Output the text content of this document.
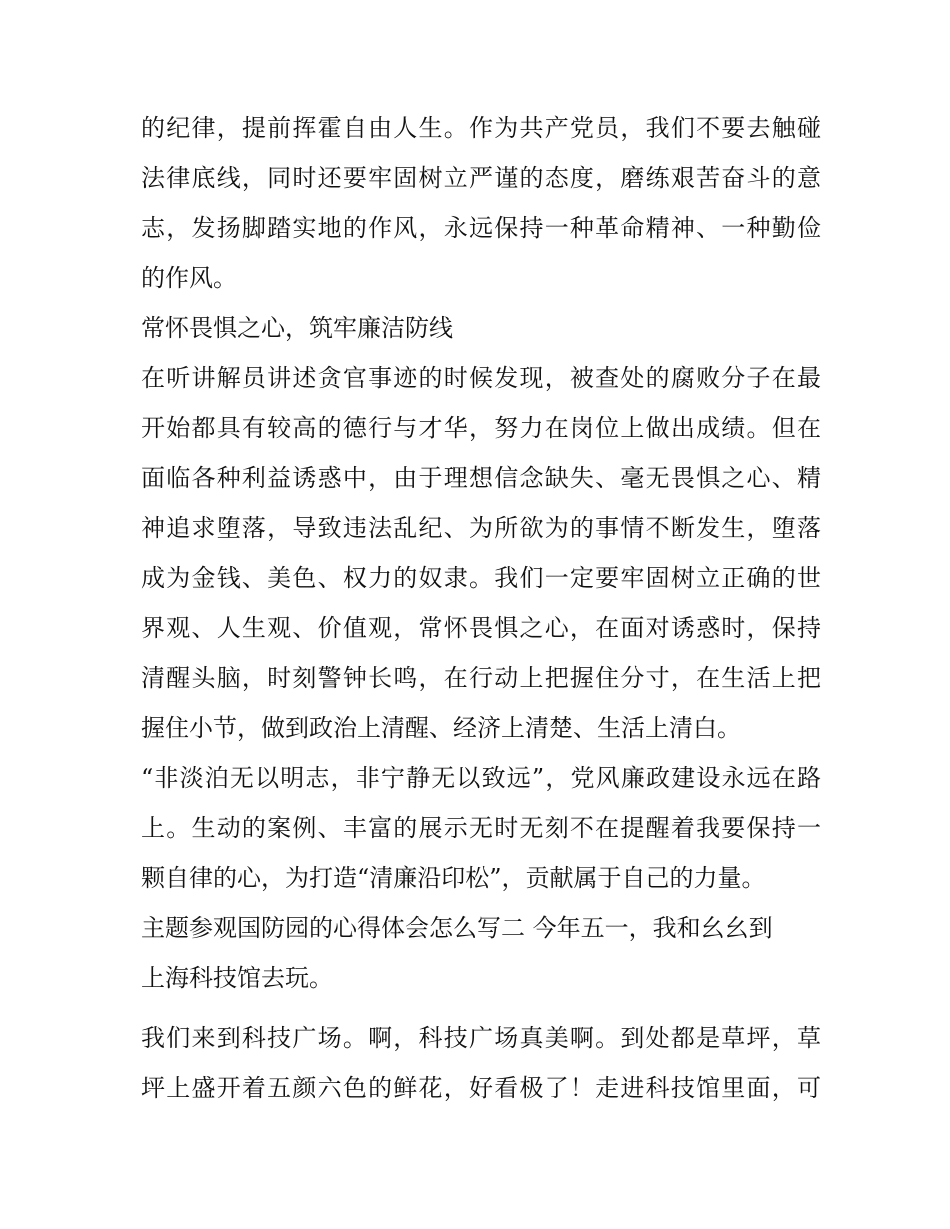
的纪律，提前挥霍自由人生。作为共产党员，我们不要去触碰
法律底线，同时还要牢固树立严谨的态度，磨练艰苦奋斗的意
志，发扬脚踏实地的作风，永远保持一种革命精神、一种勤俭
的作风。
常怀畏惧之心，筑牢廉洁防线
在听讲解员讲述贪官事迹的时候发现，被查处的腐败分子在最
开始都具有较高的德行与才华，努力在岗位上做出成绩。但在
面临各种利益诱惑中，由于理想信念缺失、毫无畏惧之心、精
神追求堕落，导致违法乱纪、为所欲为的事情不断发生，堕落
成为金钱、美色、权力的奴隶。我们一定要牢固树立正确的世
界观、人生观、价值观，常怀畏惧之心，在面对诱惑时，保持
清醒头脑，时刻警钟长鸣，在行动上把握住分寸，在生活上把
握住小节，做到政治上清醒、经济上清楚、生活上清白。
“非淡泊无以明志，非宁静无以致远”，党风廉政建设永远在路
上。生动的案例、丰富的展示无时无刻不在提醒着我要保持一
颗自律的心，为打造“清廉沿印松”，贡献属于自己的力量。
主题参观国防园的心得体会怎么写二 今年五一，我和幺幺到
上海科技馆去玩。
我们来到科技广场。啊，科技广场真美啊。到处都是草坪，草
坪上盛开着五颜六色的鲜花，好看极了！走进科技馆里面，可
